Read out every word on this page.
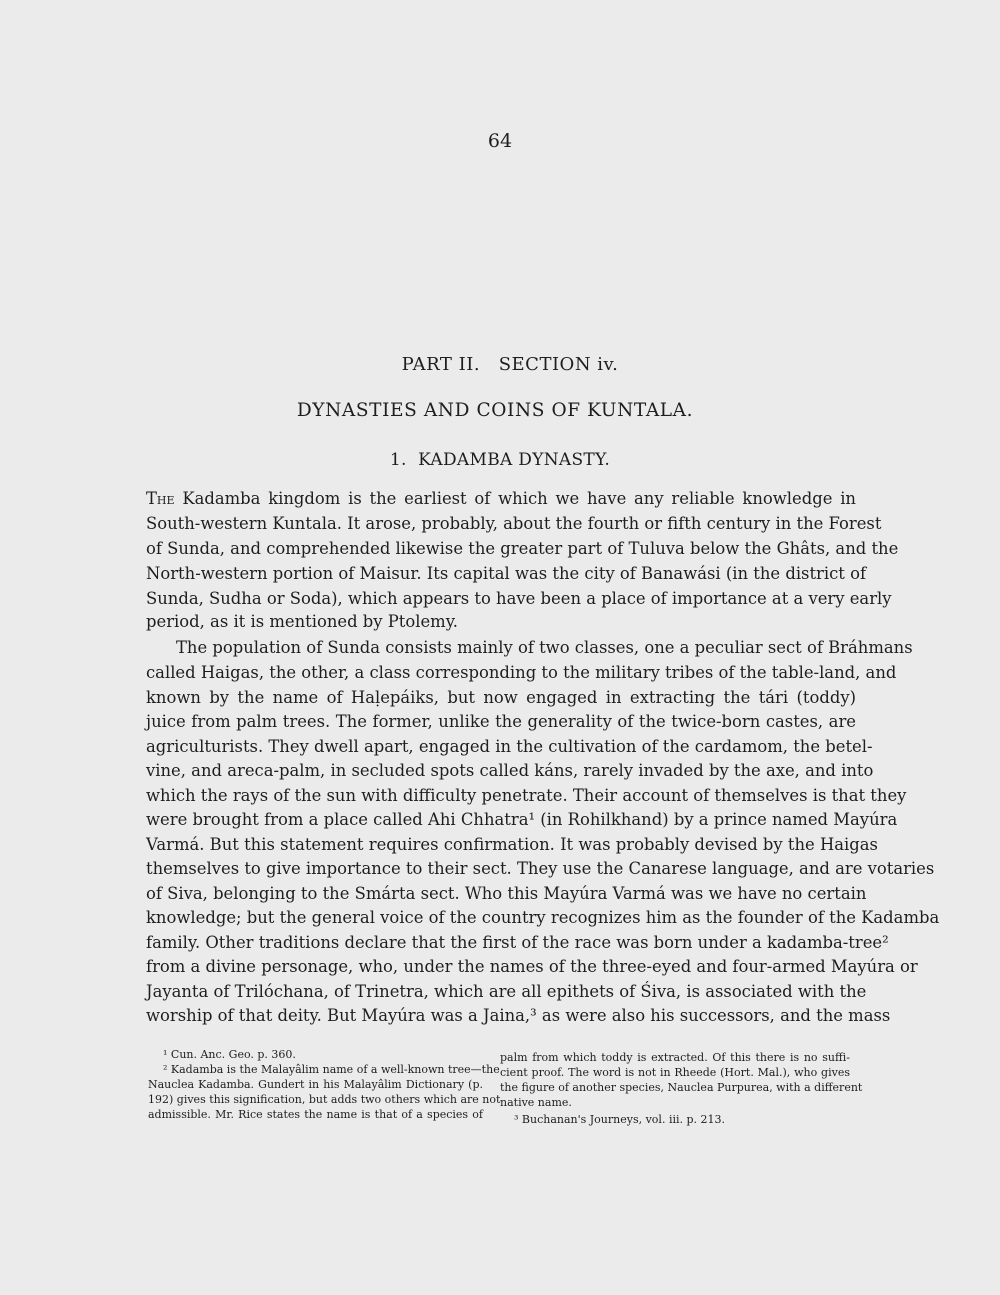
64
PART II.   SECTION iv.
DYNASTIES AND COINS OF KUNTALA.
1.  KADAMBA DYNASTY.
The Kadamba kingdom is the earliest of which we have any reliable knowledge in
South-western Kuntala. It arose, probably, about the fourth or fifth century in the Forest
of Sunda, and comprehended likewise the greater part of Tuluva below the Ghâts, and the
North-western portion of Maisur. Its capital was the city of Banawási (in the district of
Sunda, Sudha or Soda), which appears to have been a place of importance at a very early
period, as it is mentioned by Ptolemy.
The population of Sunda consists mainly of two classes, one a peculiar sect of Bráhmans
called Haigas, the other, a class corresponding to the military tribes of the table-land, and
known by the name of Haḷepáiks, but now engaged in extracting the tári (toddy)
juice from palm trees. The former, unlike the generality of the twice-born castes, are
agriculturists. They dwell apart, engaged in the cultivation of the cardamom, the betel-
vine, and areca-palm, in secluded spots called káns, rarely invaded by the axe, and into
which the rays of the sun with difficulty penetrate. Their account of themselves is that they
were brought from a place called Ahi Chhatra¹ (in Rohilkhand) by a prince named Mayúra
Varmá. But this statement requires confirmation. It was probably devised by the Haigas
themselves to give importance to their sect. They use the Canarese language, and are votaries
of Siva, belonging to the Smárta sect. Who this Mayúra Varmá was we have no certain
knowledge; but the general voice of the country recognizes him as the founder of the Kadamba
family. Other traditions declare that the first of the race was born under a kadamba-tree²
from a divine personage, who, under the names of the three-eyed and four-armed Mayúra or
Jayanta of Trilóchana, of Trinetra, which are all epithets of Śiva, is associated with the
worship of that deity. But Mayúra was a Jaina,³ as were also his successors, and the mass
¹ Cun. Anc. Geo. p. 360.
² Kadamba is the Malayâlim name of a well-known tree—the
Nauclea Kadamba. Gundert in his Malayâlim Dictionary (p.
192) gives this signification, but adds two others which are not
admissible. Mr. Rice states the name is that of a species of
palm from which toddy is extracted. Of this there is no suffi-
cient proof. The word is not in Rheede (Hort. Mal.), who gives
the figure of another species, Nauclea Purpurea, with a different
native name.
³ Buchanan's Journeys, vol. iii. p. 213.
